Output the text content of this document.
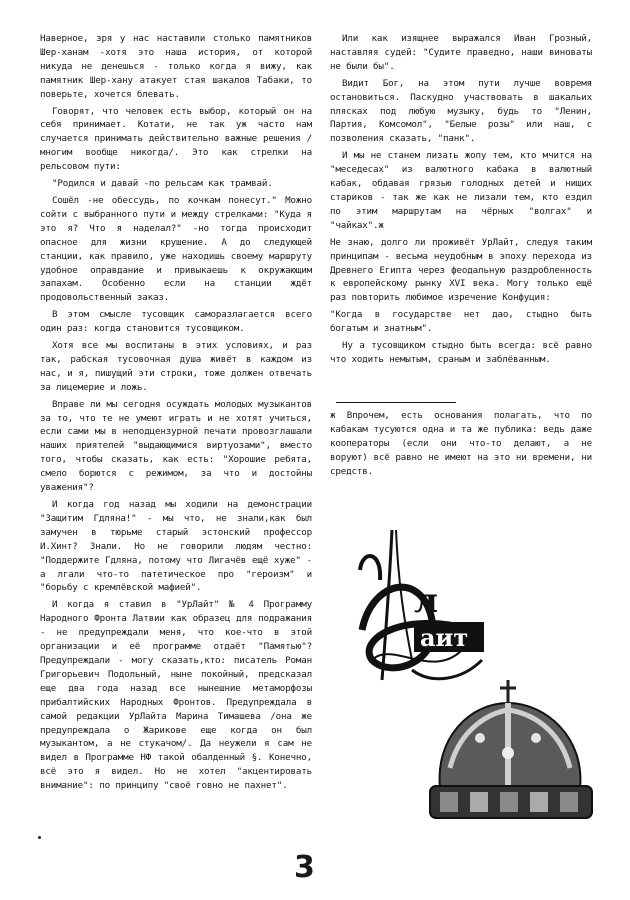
Наверное, зря у нас наставили столько памятников Шер-ханам -хотя это наша история, от которой никуда не денешься - только когда я вижу, как памятник Шер-хану атакует стая шакалов Табаки, то поверьте, хочется блевать.

Говорят, что человек есть выбор, который он на себя принимает. Котати, не так уж часто нам случается принимать действительно важные решения /многим вообще никогда/. Это как стрелки на рельсовом пути:

"Родился и давай -по рельсам как трамвай.

Сошёл -не обессудь, по кочкам понесут." Можно сойти с выбранного пути и между стрелками: "Куда я это я? Что я наделал?" -но тогда происходит опасное для жизни крушение. А до следующей станции, как правило, уже находишь своему маршруту удобное оправдание и привыкаешь к окружающим запахам. Особенно если на станции ждёт продовольственный заказ.

В этом смысле тусовщик саморазлагается всего один раз: когда становится тусовщиком.

Хотя все мы воспитаны в этих условиях, и раз так, рабская тусовочная душа живёт в каждом из нас, и я, пишущий эти строки, тоже должен отвечать за лицемерие и ложь.

Вправе ли мы сегодня осуждать молодых музыкантов за то, что те не умеют играть и не хотят учиться, если сами мы в неподцензурной печати провозглашали наших приятелей "выдающимися виртуозами", вместо того, чтобы сказать, как есть: "Хорошие ребята, смело борются с режимом, за что и достойны уважения"?

И когда год назад мы ходили на демонстрации "Защитим Гдляна!" - мы что, не знали,как был замучен в тюрьме старый эстонский профессор И.Хинт? Знали. Но не говорили людям честно: "Поддержите Гдляна, потому что Лигачёв ещё хуже" - а лгали что-то патетическое про "героизм" и "борьбу с кремлёвской мафией".

И когда я ставил в "УрЛайт" № 4 Программу Народного Фронта Латвии как образец для подражания - не предупреждали меня, что кое-что в этой организации и её программе отдаёт "Памятью"? Предупреждали - могу сказать,кто: писатель Роман Григорьевич Подольный, ныне покойный, предсказал еще два года назад все нынешние метаморфозы прибалтийских Народных Фронтов. Предупреждала в самой редакции УрЛайта Марина Тимашева /она же предупреждала о Жарикове еще когда он был музыкантом, а не стукачом/. Да неужели я сам не видел в Программе НФ такой обалденный §. Конечно, всё это я видел. Но не хотел "акцентировать внимание": по принципу "своё говно не пахнет".

Или как изящнее выражался Иван Грозный, наставляя судей: "Судите праведно, наши виноваты не были бы".

Видит Бог, на этом пути лучше вовремя остановиться. Паскудно участвовать в шакальих плясках под любую музыку, будь то "Ленин, Партия, Комсомол", "Белые розы" или наш, с позволения сказать, "панк".

И мы не станем лизать жопу тем, кто мчится на "меседесах" из валютного кабака в валютный кабак, обдавая грязью голодных детей и нищих стариков - так же как не лизали тем, кто ездил по этим маршрутам на чёрных "волгах" и "чайках".ж

Не знаю, долго ли проживёт УрЛайт, следуя таким принципам - весьма неудобным в эпоху перехода из Древнего Египта через феодальную раздробленность к европейскому рынку XVI века. Могу только ещё раз повторить любимое изречение Конфуция:

"Когда в государстве нет дао, стыдно быть богатым и знатным".

Ну а тусовщиком стыдно быть всегда: всё равно что ходить немытым, сраным и заблёванным.

ж Впрочем, есть основания полагать, что по кабакам тусуются одна и та же публика: ведь даже кооператоры (если они что-то делают, а не воруют) всё равно не имеют на это ни времени, ни средств.

л
аит
3
